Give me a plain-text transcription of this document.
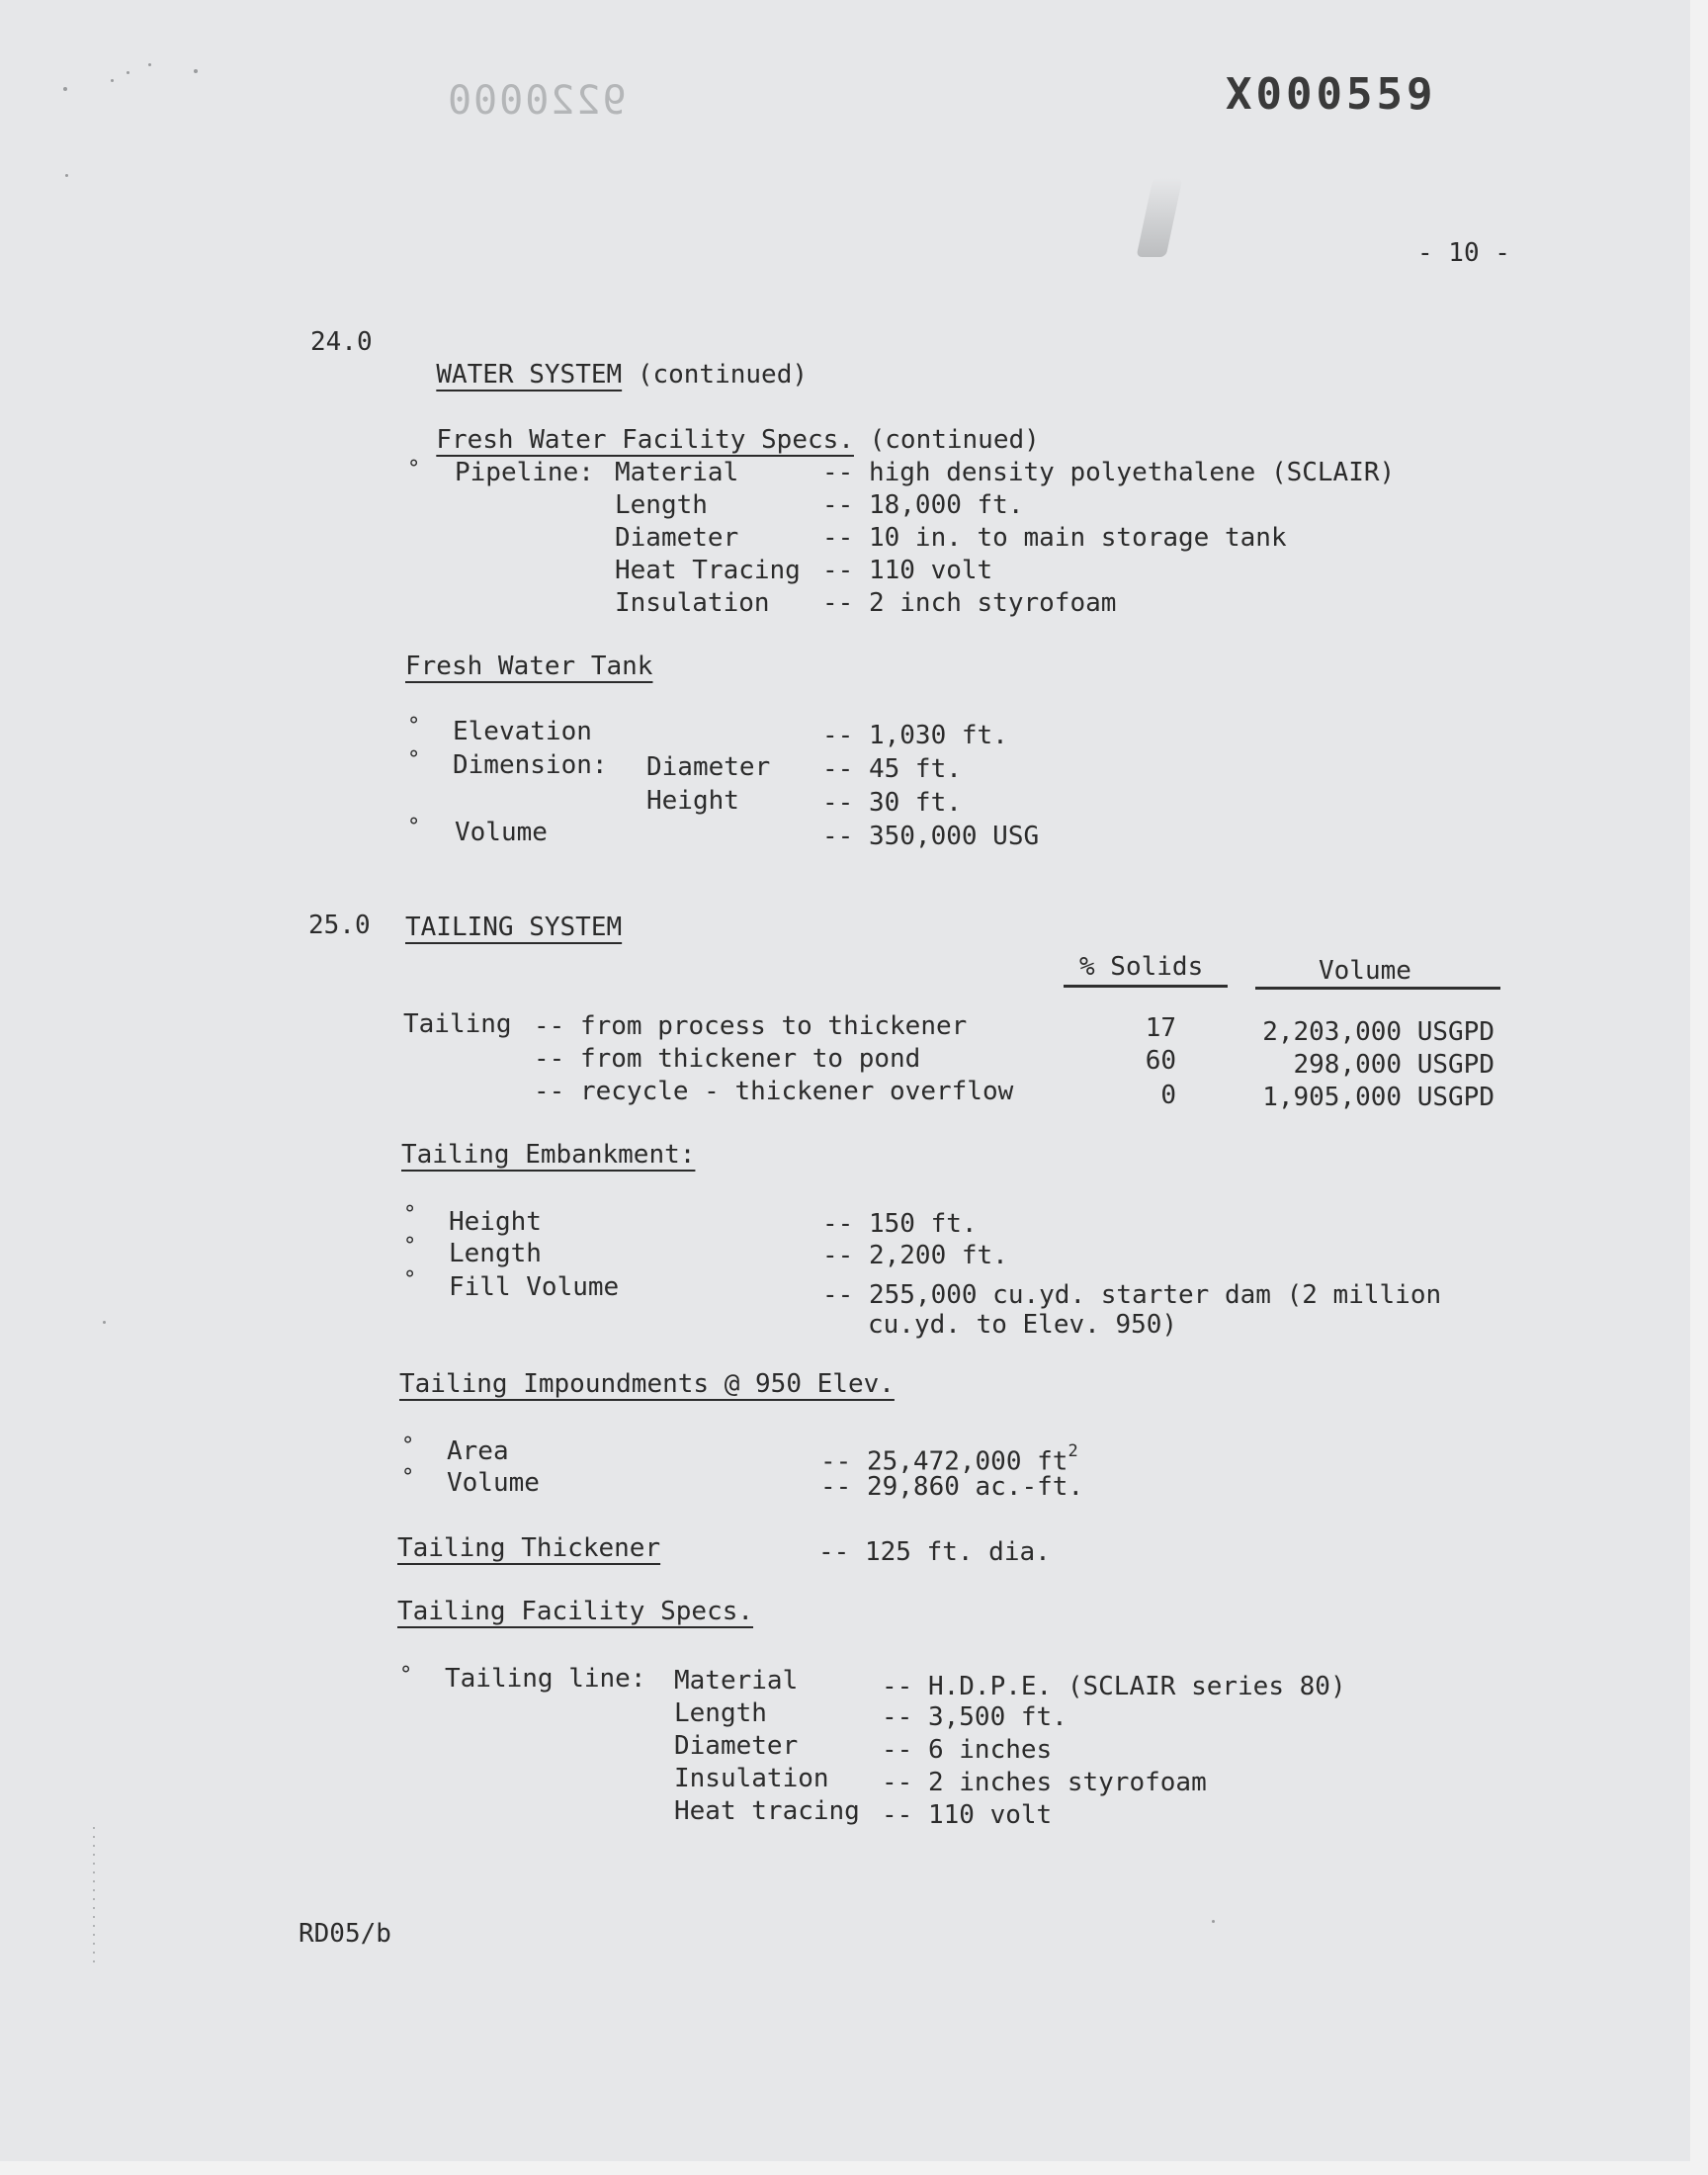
9220000	X000559
- 10 -
24.0

WATER SYSTEM (continued)

Fresh Water Facility Specs. (continued)

° Pipeline: Material	-- high density polyethalene (SCLAIR)
Length	-- 18,000 ft.
Diameter	-- 10 in. to main storage tank
Heat Tracing -- 110 volt
Insulation -- 2 inch styrofoam
Fresh Water Tank
° Elevation	-- 1,030 ft.
° Dimension: Diameter -- 45 ft.
Height	-- 30 ft.
° Volume	-- 350,000 USG
25.0 TAILING SYSTEM
% Solids	Volume
Tailing -- from process to thickener	17	2,203,000 USGPD
-- from thickener to pond	60	298,000 USGPD
-- recycle - thickener overflow	0	1,905,000 USGPD
Tailing Embankment:
° Height	-- 150 ft.
° Length	-- 2,200 ft.
° Fill Volume	-- 255,000 cu.yd. starter dam (2 million
cu.yd. to Elev. 950)
Tailing Impoundments @ 950 Elev.
° Area	-- 25,472,000 $ft^2$
° Volume	-- 29,860 ac.-ft.
Tailing Thickener	-- 125 ft. dia.
Tailing Facility Specs.
° Tailing line: Material	-- H.D.P.E. (SCLAIR series 80)
Length	-- 3,500 ft.
Diameter	-- 6 inches
Insulation -- 2 inches styrofoam
Heat tracing -- 110 volt
RD05/b
